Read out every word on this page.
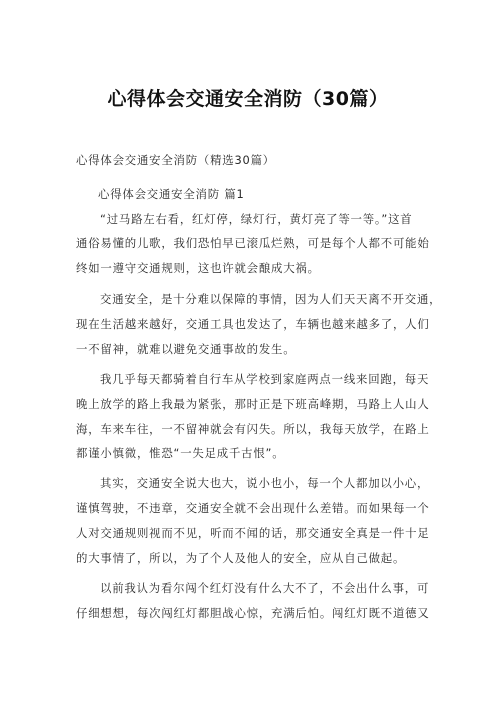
心得体会交通安全消防（30篇）
心得体会交通安全消防（精选30篇）
心得体会交通安全消防 篇1
“过马路左右看，红灯停，绿灯行，黄灯亮了等一等。”这首
通俗易懂的儿歌，我们恐怕早已滚瓜烂熟，可是每个人都不可能始
终如一遵守交通规则，这也许就会酿成大祸。
交通安全，是十分难以保障的事情，因为人们天天离不开交通，
现在生活越来越好，交通工具也发达了，车辆也越来越多了，人们
一不留神，就难以避免交通事故的发生。
我几乎每天都骑着自行车从学校到家庭两点一线来回跑，每天
晚上放学的路上我最为紧张，那时正是下班高峰期，马路上人山人
海，车来车往，一不留神就会有闪失。所以，我每天放学，在路上
都谨小慎微，惟恐“一失足成千古恨”。
其实，交通安全说大也大，说小也小，每一个人都加以小心，
谨慎驾驶，不违章，交通安全就不会出现什么差错。而如果每一个
人对交通规则视而不见，听而不闻的话，那交通安全真是一件十足
的大事情了，所以，为了个人及他人的安全，应从自己做起。
以前我认为看尔闯个红灯没有什么大不了，不会出什么事，可
仔细想想，每次闯红灯都胆战心惊，充满后怕。闯红灯既不道德又
